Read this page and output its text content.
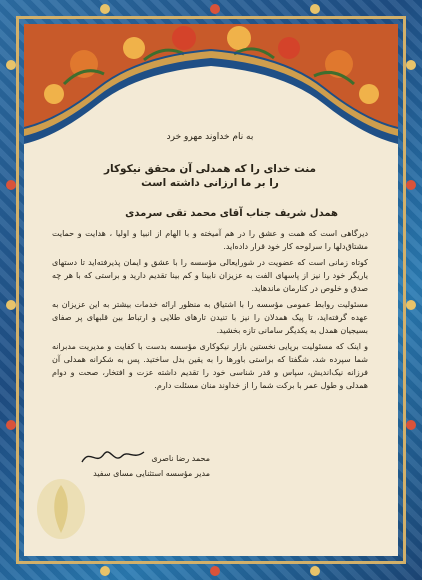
به نام خداوند مهرو خرد

منت خدای را که همدلی آن محقق نیکوکار
را بر ما ارزانی داشته است

همدل شریف جناب آقای محمد تقی سرمدی

دیرگاهی است که همت و عشق را در هم آمیخته و با الهام از انبیا و اولیا ، هدایت و حمایت مشتاق‌دلها را سرلوحه کار خود قرار داده‌اید.

کوتاه زمانی است که عضویت در شورایعالی مؤسسه را با عشق و ایمان پذیرفته‌اید تا دستهای یاریگر خود را نیز از پاسهای الفت به عزیزان نابینا و کم بینا تقدیم دارید و براستی که با هر چه صدق و خلوص در کنارمان ماندهاید.

مسئولیت روابط عمومی مؤسسه را با اشتیاق به منظور ارائه خدمات بیشتر به این عزیزان به عهده گرفته‌اید، تا پیک همدلان را نیز با تنیدن تارهای طلایی و ارتباط بین قلبهای پر صفای بسیجیان همدل به یکدیگر سامانی تازه بخشید.

و اینک که مسئولیت برپایی نخستین بازار نیکوکاری مؤسسه بدست با کفایت و مدیریت مدبرانه شما سپرده شد، شگفتا که براستی باورها را به یقین بدل ساختید. پس به شکرانه همدلی آن فرزانه نیک‌اندیش، سپاس و قدر شناسی خود را تقدیم داشته عزت و افتخار، صحت و دوام همدلی و طول عمر با برکت شما را از خداوند منان مسئلت دارم.

محمد رضا ناصری

مدیر مؤسسه استثنایی مسای سفید
